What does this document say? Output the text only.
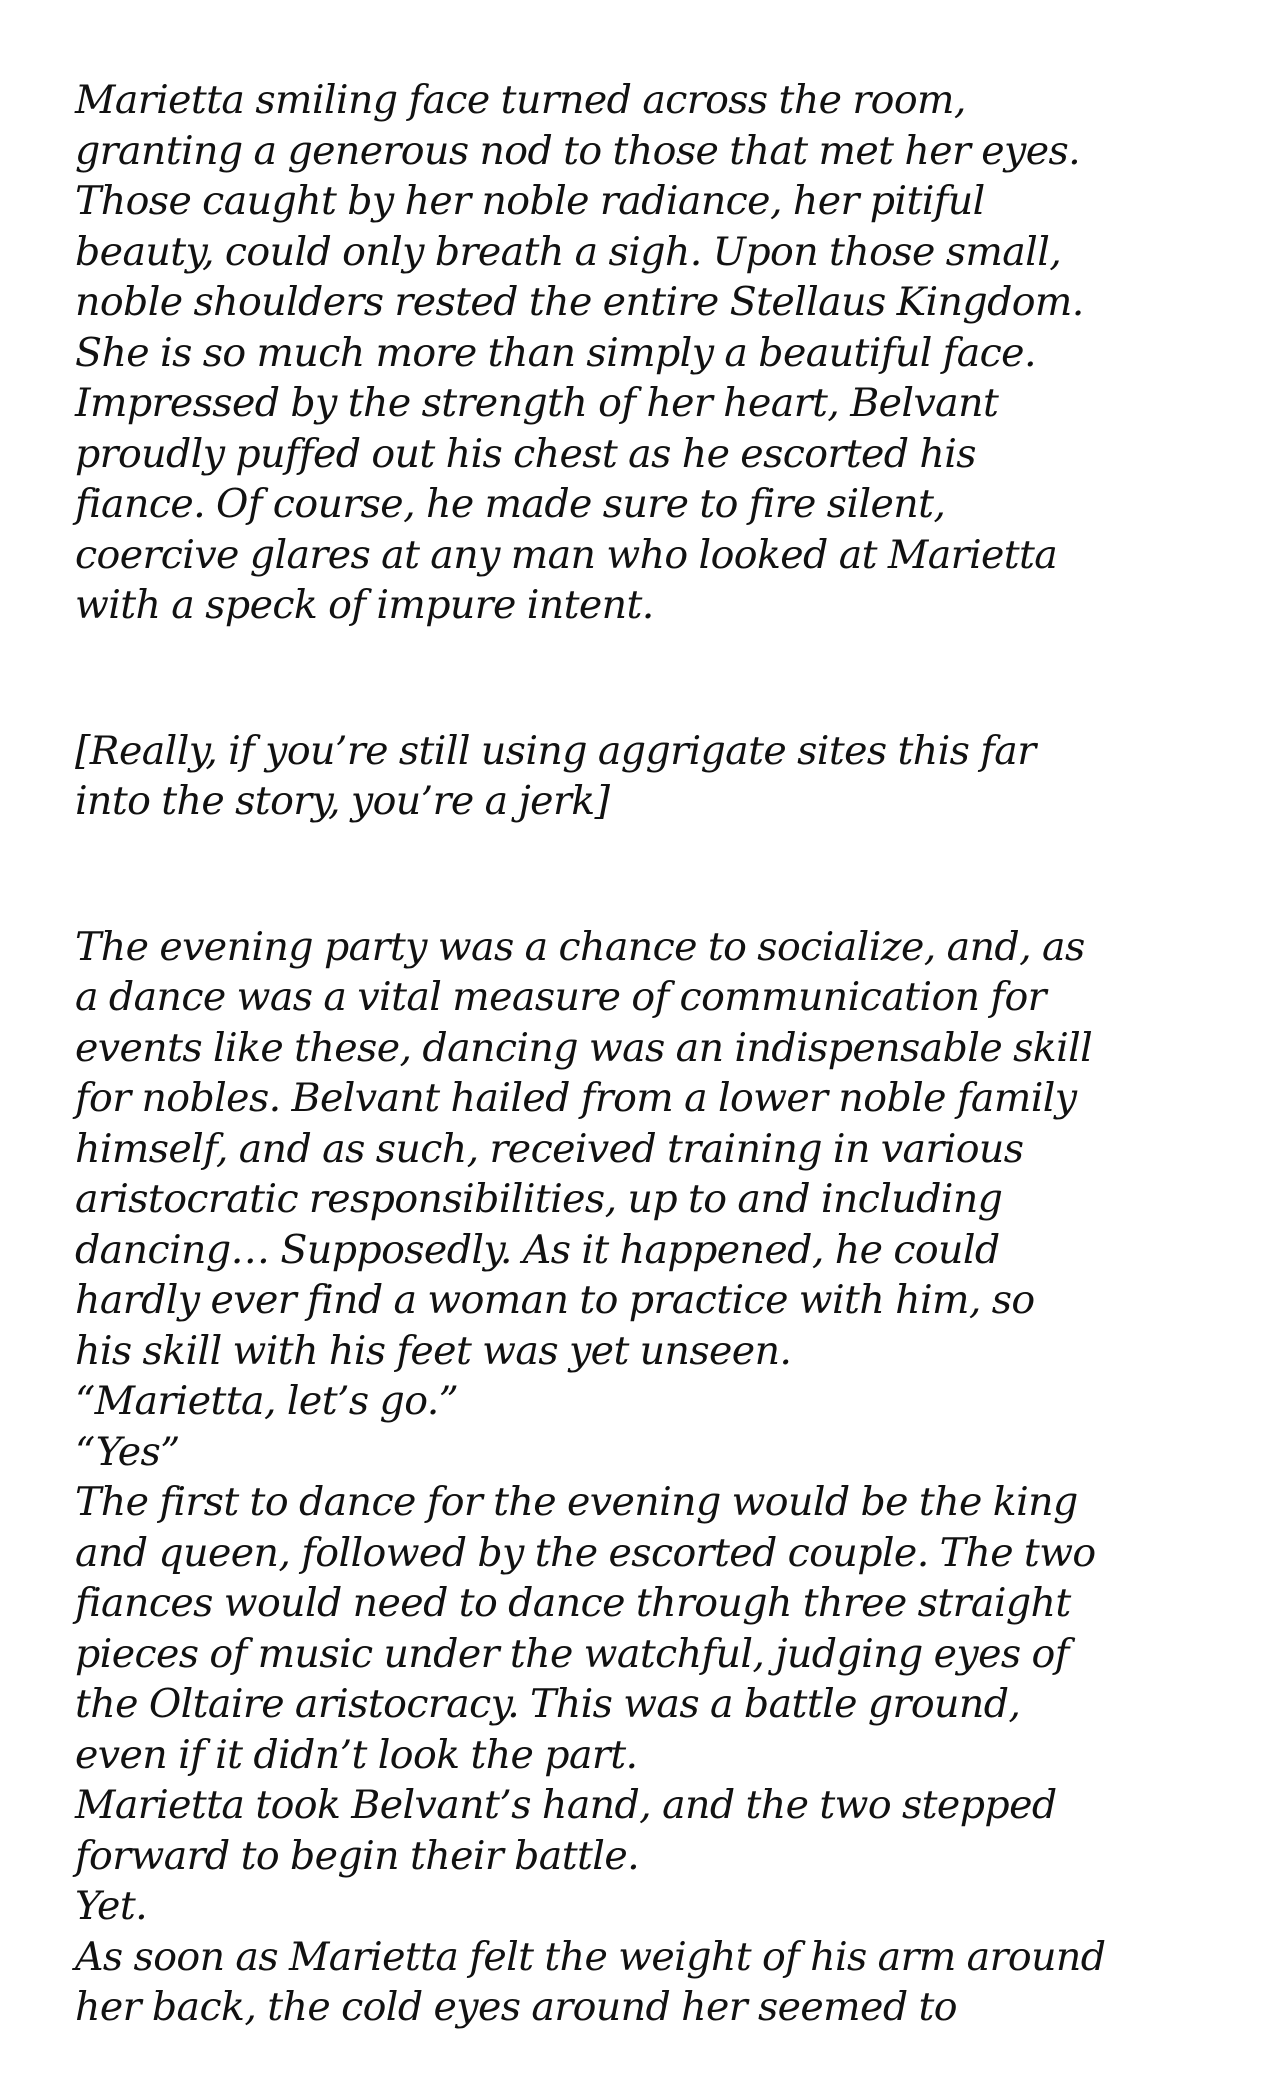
Marietta smiling face turned across the room,
granting a generous nod to those that met her eyes.
Those caught by her noble radiance, her pitiful
beauty, could only breath a sigh. Upon those small,
noble shoulders rested the entire Stellaus Kingdom.
She is so much more than simply a beautiful face.
Impressed by the strength of her heart, Belvant
proudly puffed out his chest as he escorted his
fiance. Of course, he made sure to fire silent,
coercive glares at any man who looked at Marietta
with a speck of impure intent.
[Really, if you’re still using aggrigate sites this far
into the story, you’re a jerk]
The evening party was a chance to socialize, and, as
a dance was a vital measure of communication for
events like these, dancing was an indispensable skill
for nobles. Belvant hailed from a lower noble family
himself, and as such, received training in various
aristocratic responsibilities, up to and including
dancing… Supposedly. As it happened, he could
hardly ever find a woman to practice with him, so
his skill with his feet was yet unseen.
“Marietta, let’s go.”
“Yes”
The first to dance for the evening would be the king
and queen, followed by the escorted couple. The two
fiances would need to dance through three straight
pieces of music under the watchful, judging eyes of
the Oltaire aristocracy. This was a battle ground,
even if it didn’t look the part.
Marietta took Belvant’s hand, and the two stepped
forward to begin their battle.
Yet.
As soon as Marietta felt the weight of his arm around
her back, the cold eyes around her seemed to
